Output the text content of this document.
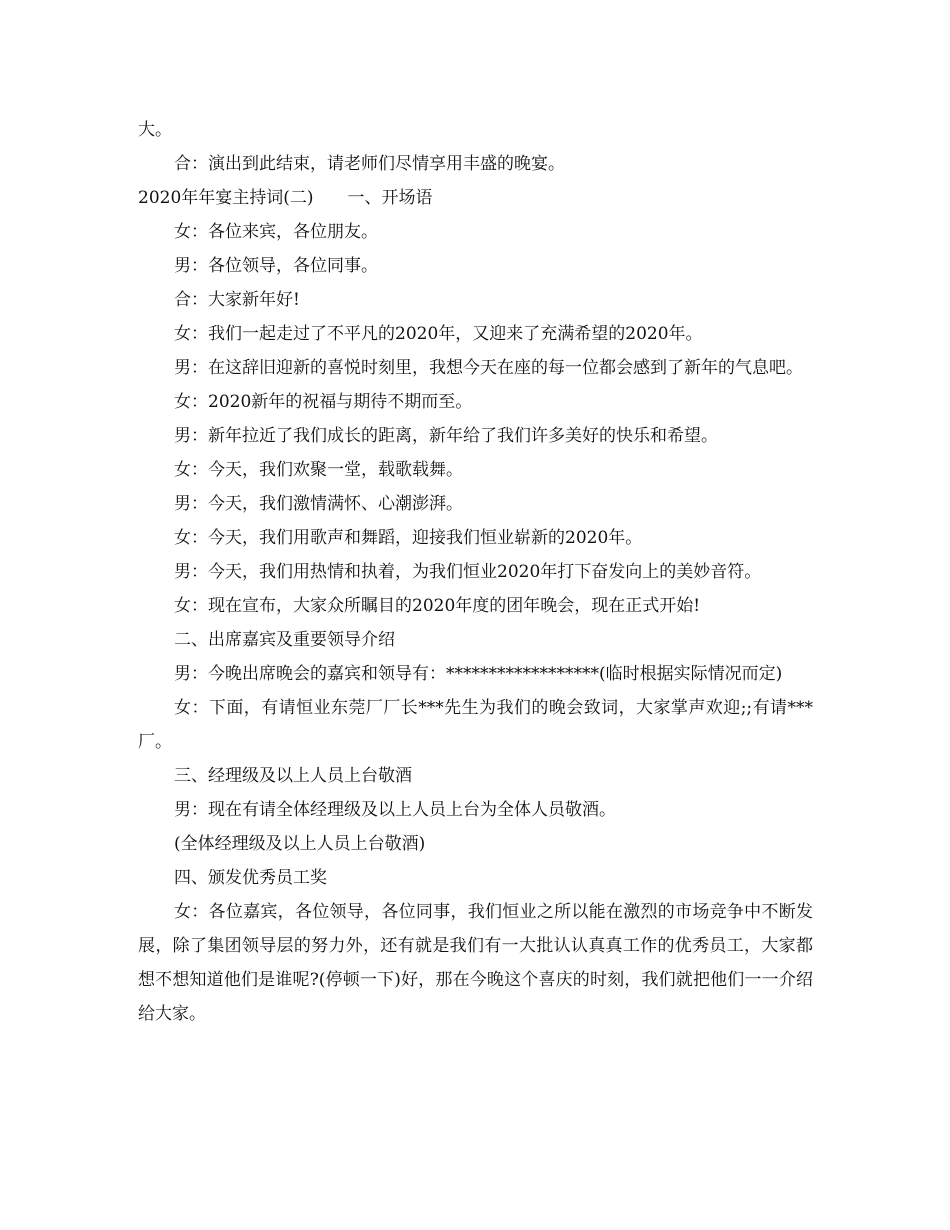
大。

合：演出到此结束，请老师们尽情享用丰盛的晚宴。

2020年年宴主持词(二)　　一、开场语

女：各位来宾，各位朋友。

男：各位领导，各位同事。

合：大家新年好!

女：我们一起走过了不平凡的2020年，又迎来了充满希望的2020年。

男：在这辞旧迎新的喜悦时刻里，我想今天在座的每一位都会感到了新年的气息吧。

女：2020新年的祝福与期待不期而至。

男：新年拉近了我们成长的距离，新年给了我们许多美好的快乐和希望。

女：今天，我们欢聚一堂，载歌载舞。

男：今天，我们激情满怀、心潮澎湃。

女：今天，我们用歌声和舞蹈，迎接我们恒业崭新的2020年。

男：今天，我们用热情和执着，为我们恒业2020年打下奋发向上的美妙音符。

女：现在宣布，大家众所瞩目的2020年度的团年晚会，现在正式开始!

二、出席嘉宾及重要领导介绍

男：今晚出席晚会的嘉宾和领导有：******************(临时根据实际情况而定)

女：下面，有请恒业东莞厂厂长***先生为我们的晚会致词，大家掌声欢迎;;有请***厂。

三、经理级及以上人员上台敬酒

男：现在有请全体经理级及以上人员上台为全体人员敬酒。

(全体经理级及以上人员上台敬酒)

四、颁发优秀员工奖

女：各位嘉宾，各位领导，各位同事，我们恒业之所以能在激烈的市场竞争中不断发展，除了集团领导层的努力外，还有就是我们有一大批认认真真工作的优秀员工，大家都想不想知道他们是谁呢?(停顿一下)好，那在今晚这个喜庆的时刻，我们就把他们一一介绍给大家。
